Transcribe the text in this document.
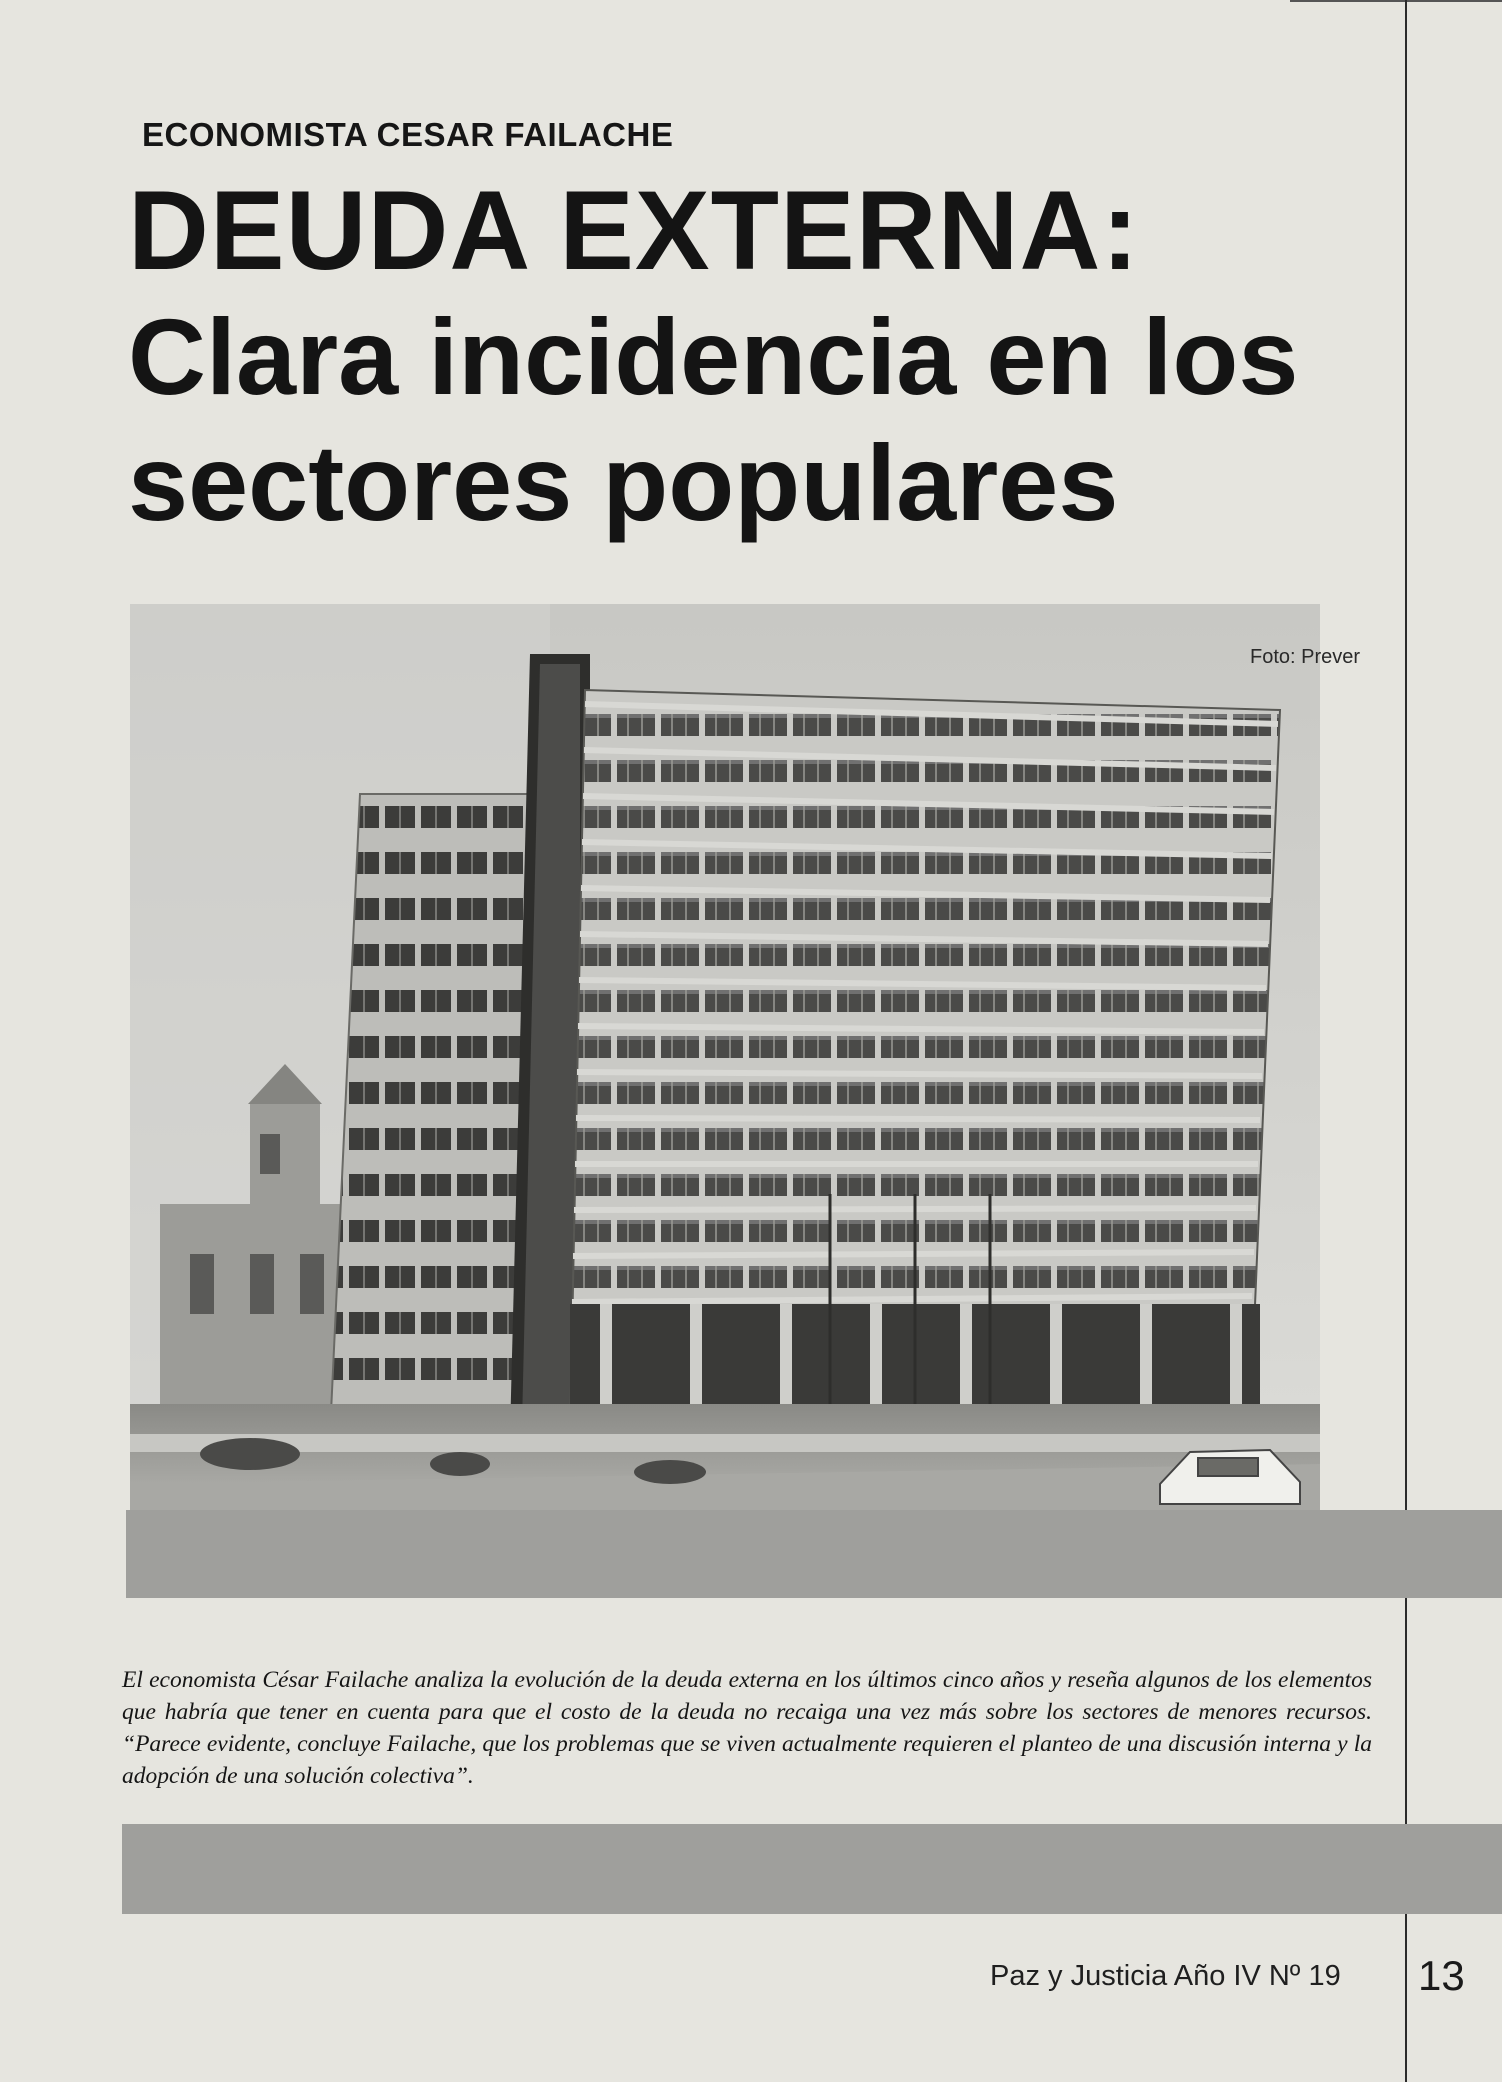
ECONOMISTA CESAR FAILACHE
DEUDA EXTERNA:
Clara incidencia en los
sectores populares
Foto: Prever

El economista César Failache analiza la evolución de la deuda externa en los últimos cinco años y reseña algunos de los elementos que habría que tener en cuenta para que el costo de la deuda no recaiga una vez más sobre los sectores de menores recursos. “Parece evidente, concluye Failache, que los problemas que se viven actualmente requieren el planteo de una discusión interna y la adopción de una solución colectiva”.

Paz y Justicia Año IV Nº 19 13
